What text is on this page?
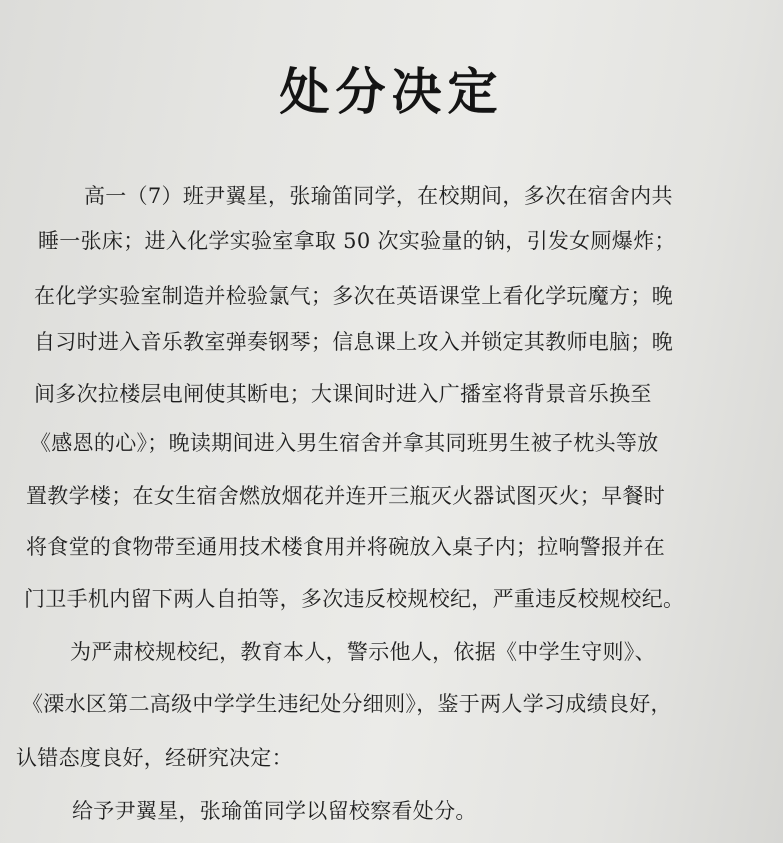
处分决定
高一（7）班尹翼星，张瑜笛同学，在校期间，多次在宿舍内共
睡一张床；进入化学实验室拿取 50 次实验量的钠，引发女厕爆炸；
在化学实验室制造并检验氯气；多次在英语课堂上看化学玩魔方；晚
自习时进入音乐教室弹奏钢琴；信息课上攻入并锁定其教师电脑；晚
间多次拉楼层电闸使其断电；大课间时进入广播室将背景音乐换至
《感恩的心》；晚读期间进入男生宿舍并拿其同班男生被子枕头等放
置教学楼；在女生宿舍燃放烟花并连开三瓶灭火器试图灭火；早餐时
将食堂的食物带至通用技术楼食用并将碗放入桌子内；拉响警报并在
门卫手机内留下两人自拍等，多次违反校规校纪，严重违反校规校纪。
为严肃校规校纪，教育本人，警示他人，依据《中学生守则》、
《溧水区第二高级中学学生违纪处分细则》，鉴于两人学习成绩良好，
认错态度良好，经研究决定：
给予尹翼星，张瑜笛同学以留校察看处分。
